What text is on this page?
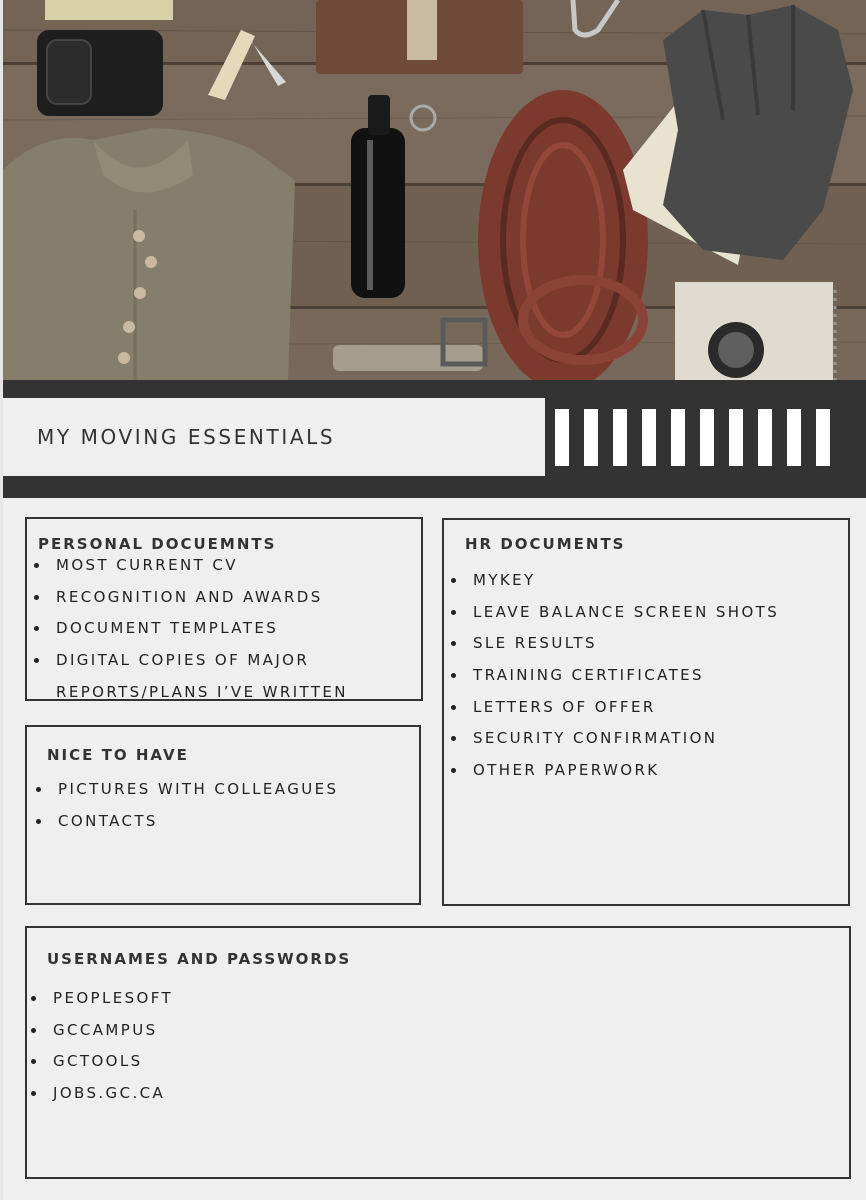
MY MOVING ESSENTIALS
PERSONAL DOCUEMNTS
MOST CURRENT CV
RECOGNITION AND AWARDS
DOCUMENT TEMPLATES
DIGITAL COPIES OF MAJOR
REPORTS/PLANS I’VE WRITTEN
NICE TO HAVE
PICTURES WITH COLLEAGUES
CONTACTS
HR DOCUMENTS
MYKEY
LEAVE BALANCE SCREEN SHOTS
SLE RESULTS
TRAINING CERTIFICATES
LETTERS OF OFFER
SECURITY CONFIRMATION
OTHER PAPERWORK
USERNAMES AND PASSWORDS
PEOPLESOFT
GCCAMPUS
GCTOOLS
JOBS.GC.CA
